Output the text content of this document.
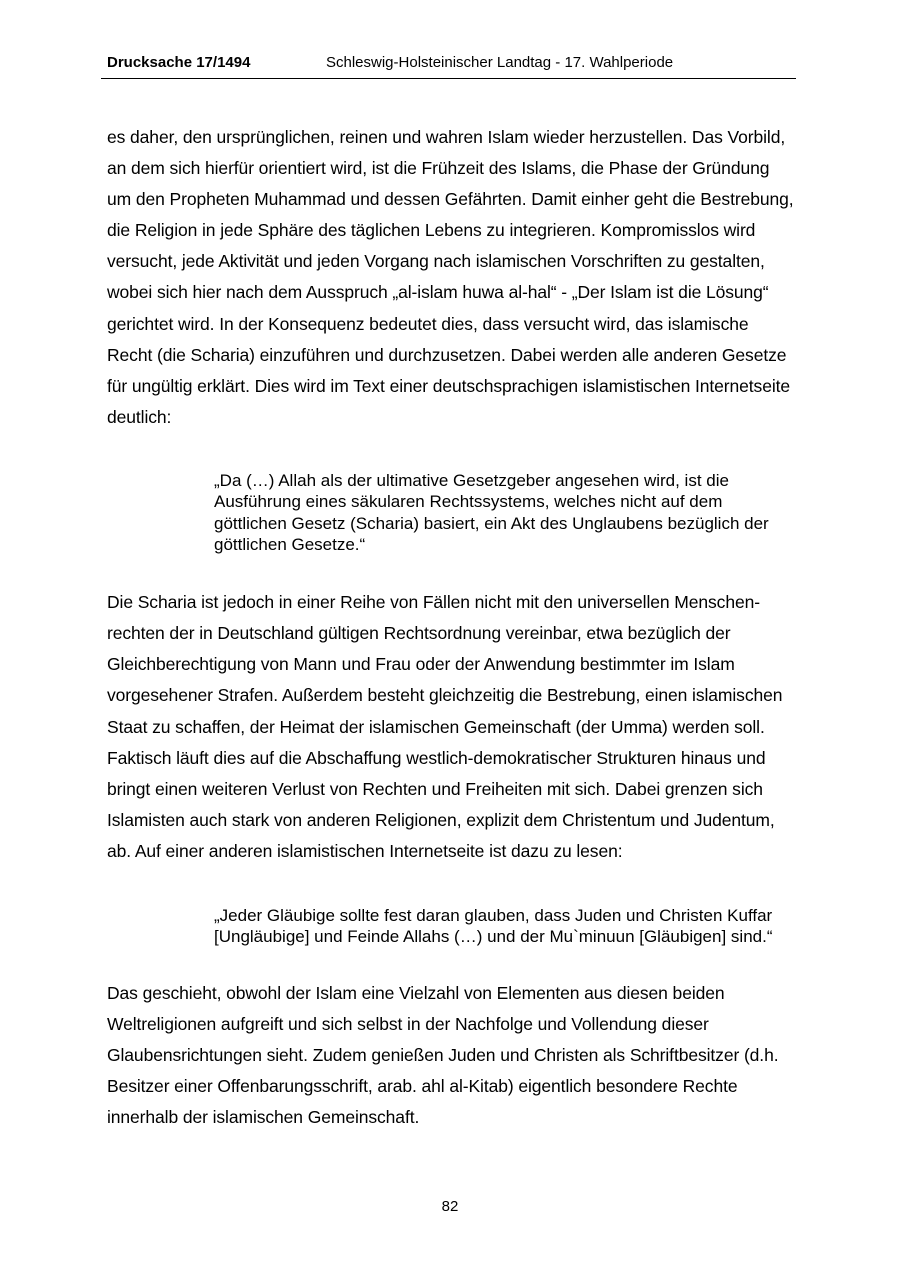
Drucksache 17/1494	Schleswig-Holsteinischer Landtag - 17. Wahlperiode

es daher, den ursprünglichen, reinen und wahren Islam wieder herzustellen. Das Vorbild, an dem sich hierfür orientiert wird, ist die Frühzeit des Islams, die Phase der Gründung um den Propheten Muhammad und dessen Gefährten. Damit einher geht die Bestrebung, die Religion in jede Sphäre des täglichen Lebens zu integrieren. Kompromisslos wird versucht, jede Aktivität und jeden Vorgang nach islamischen Vorschriften zu gestalten, wobei sich hier nach dem Ausspruch „al-islam huwa al-hal“ - „Der Islam ist die Lösung“ gerichtet wird. In der Konsequenz bedeutet dies, dass versucht wird, das islamische Recht (die Scharia) einzuführen und durchzusetzen. Dabei werden alle anderen Gesetze für ungültig erklärt. Dies wird im Text einer deutschsprachigen islamistischen Internetseite deutlich:

„Da (…) Allah als der ultimative Gesetzgeber angesehen wird, ist die Ausführung eines säkularen Rechtssystems, welches nicht auf dem göttlichen Gesetz (Scharia) basiert, ein Akt des Unglaubens bezüglich der göttlichen Gesetze.“

Die Scharia ist jedoch in einer Reihe von Fällen nicht mit den universellen Menschenrechten der in Deutschland gültigen Rechtsordnung vereinbar, etwa bezüglich der Gleichberechtigung von Mann und Frau oder der Anwendung bestimmter im Islam vorgesehener Strafen. Außerdem besteht gleichzeitig die Bestrebung, einen islamischen Staat zu schaffen, der Heimat der islamischen Gemeinschaft (der Umma) werden soll. Faktisch läuft dies auf die Abschaffung westlich-demokratischer Strukturen hinaus und bringt einen weiteren Verlust von Rechten und Freiheiten mit sich. Dabei grenzen sich Islamisten auch stark von anderen Religionen, explizit dem Christentum und Judentum, ab. Auf einer anderen islamistischen Internetseite ist dazu zu lesen:

„Jeder Gläubige sollte fest daran glauben, dass Juden und Christen Kuffar [Ungläubige] und Feinde Allahs (…) und der Mu`minuun [Gläubigen] sind.“

Das geschieht, obwohl der Islam eine Vielzahl von Elementen aus diesen beiden Weltreligionen aufgreift und sich selbst in der Nachfolge und Vollendung dieser Glaubensrichtungen sieht. Zudem genießen Juden und Christen als Schriftbesitzer (d.h. Besitzer einer Offenbarungsschrift, arab. ahl al-Kitab) eigentlich besondere Rechte innerhalb der islamischen Gemeinschaft.

82
